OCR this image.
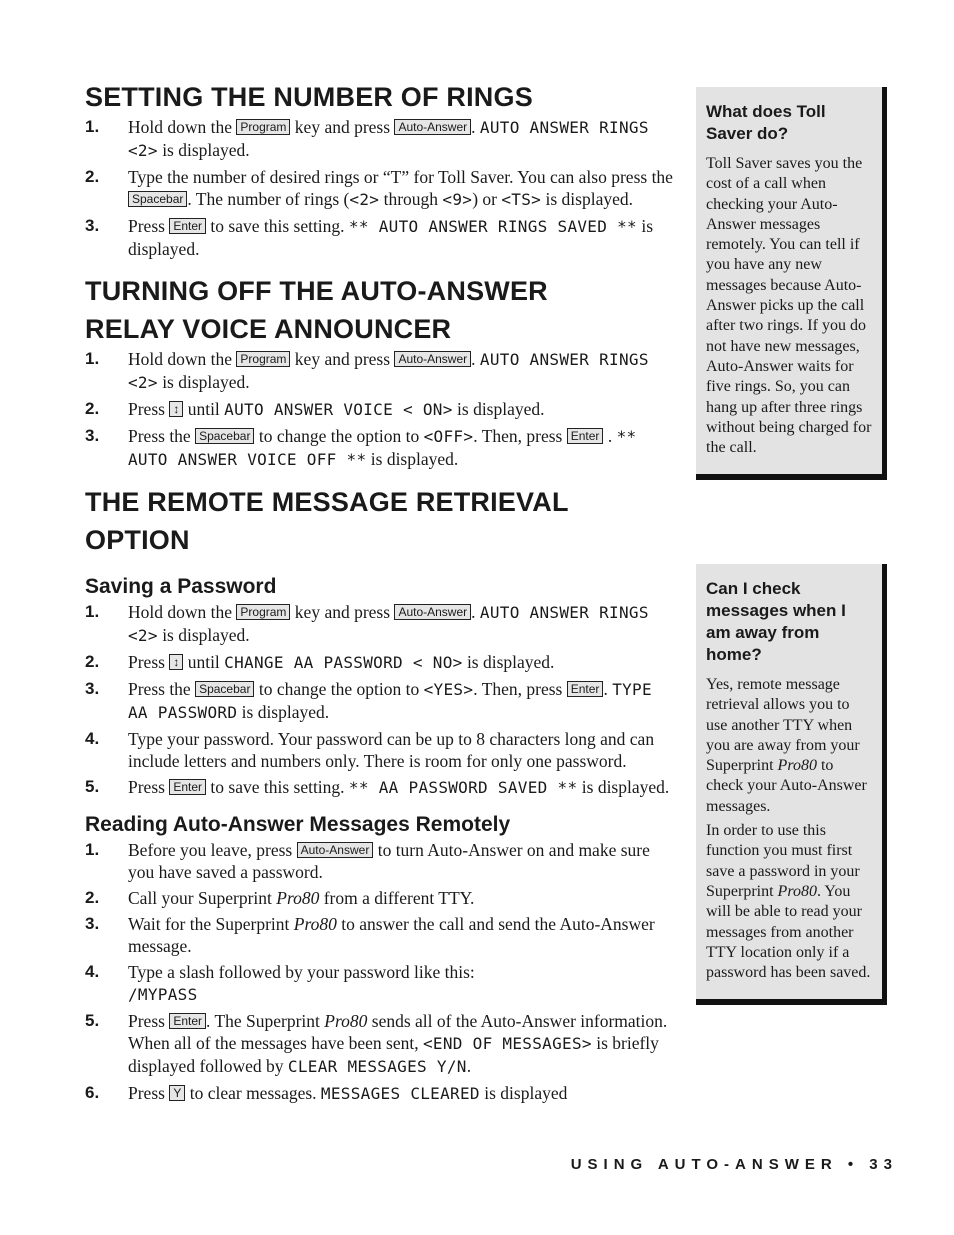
SETTING THE NUMBER OF RINGS
1. Hold down the Program key and press Auto-Answer . AUTO ANSWER RINGS <2> is displayed.
2. Type the number of desired rings or “T” for Toll Saver. You can also press the Spacebar . The number of rings (<2> through <9>) or <TS> is displayed.
3. Press Enter to save this setting. ** AUTO ANSWER RINGS SAVED ** is displayed.
TURNING OFF THE AUTO-ANSWER RELAY VOICE ANNOUNCER
1. Hold down the Program key and press Auto-Answer . AUTO ANSWER RINGS <2> is displayed.
2. Press ↕ until AUTO ANSWER VOICE < ON> is displayed.
3. Press the Spacebar to change the option to <OFF>. Then, press Enter . ** AUTO ANSWER VOICE OFF ** is displayed.
THE REMOTE MESSAGE RETRIEVAL OPTION
Saving a Password
1. Hold down the Program key and press Auto-Answer . AUTO ANSWER RINGS <2> is displayed.
2. Press ↕ until CHANGE AA PASSWORD < NO> is displayed.
3. Press the Spacebar to change the option to <YES>. Then, press Enter . TYPE AA PASSWORD is displayed.
4. Type your password. Your password can be up to 8 characters long and can include letters and numbers only. There is room for only one password.
5. Press Enter to save this setting. ** AA PASSWORD SAVED ** is displayed.
Reading Auto-Answer Messages Remotely
1. Before you leave, press Auto-Answer to turn Auto-Answer on and make sure you have saved a password.
2. Call your Superprint Pro80 from a different TTY.
3. Wait for the Superprint Pro80 to answer the call and send the Auto-Answer message.
4. Type a slash followed by your password like this:
/MYPASS
5. Press Enter . The Superprint Pro80 sends all of the Auto-Answer information. When all of the messages have been sent, <END OF MESSAGES> is briefly displayed followed by CLEAR MESSAGES Y/N.
6. Press Y to clear messages. MESSAGES CLEARED is displayed
What does Toll Saver do?

Toll Saver saves you the cost of a call when checking your Auto-Answer messages remotely. You can tell if you have any new messages because Auto-Answer picks up the call after two rings. If you do not have new messages, Auto-Answer waits for five rings. So, you can hang up after three rings without being charged for the call.

Can I check messages when I am away from home?

Yes, remote message retrieval allows you to use another TTY when you are away from your Superprint Pro80 to check your Auto-Answer messages.

In order to use this function you must first save a password in your Superprint Pro80. You will be able to read your messages from another TTY location only if a password has been saved.

USING AUTO-ANSWER • 33
